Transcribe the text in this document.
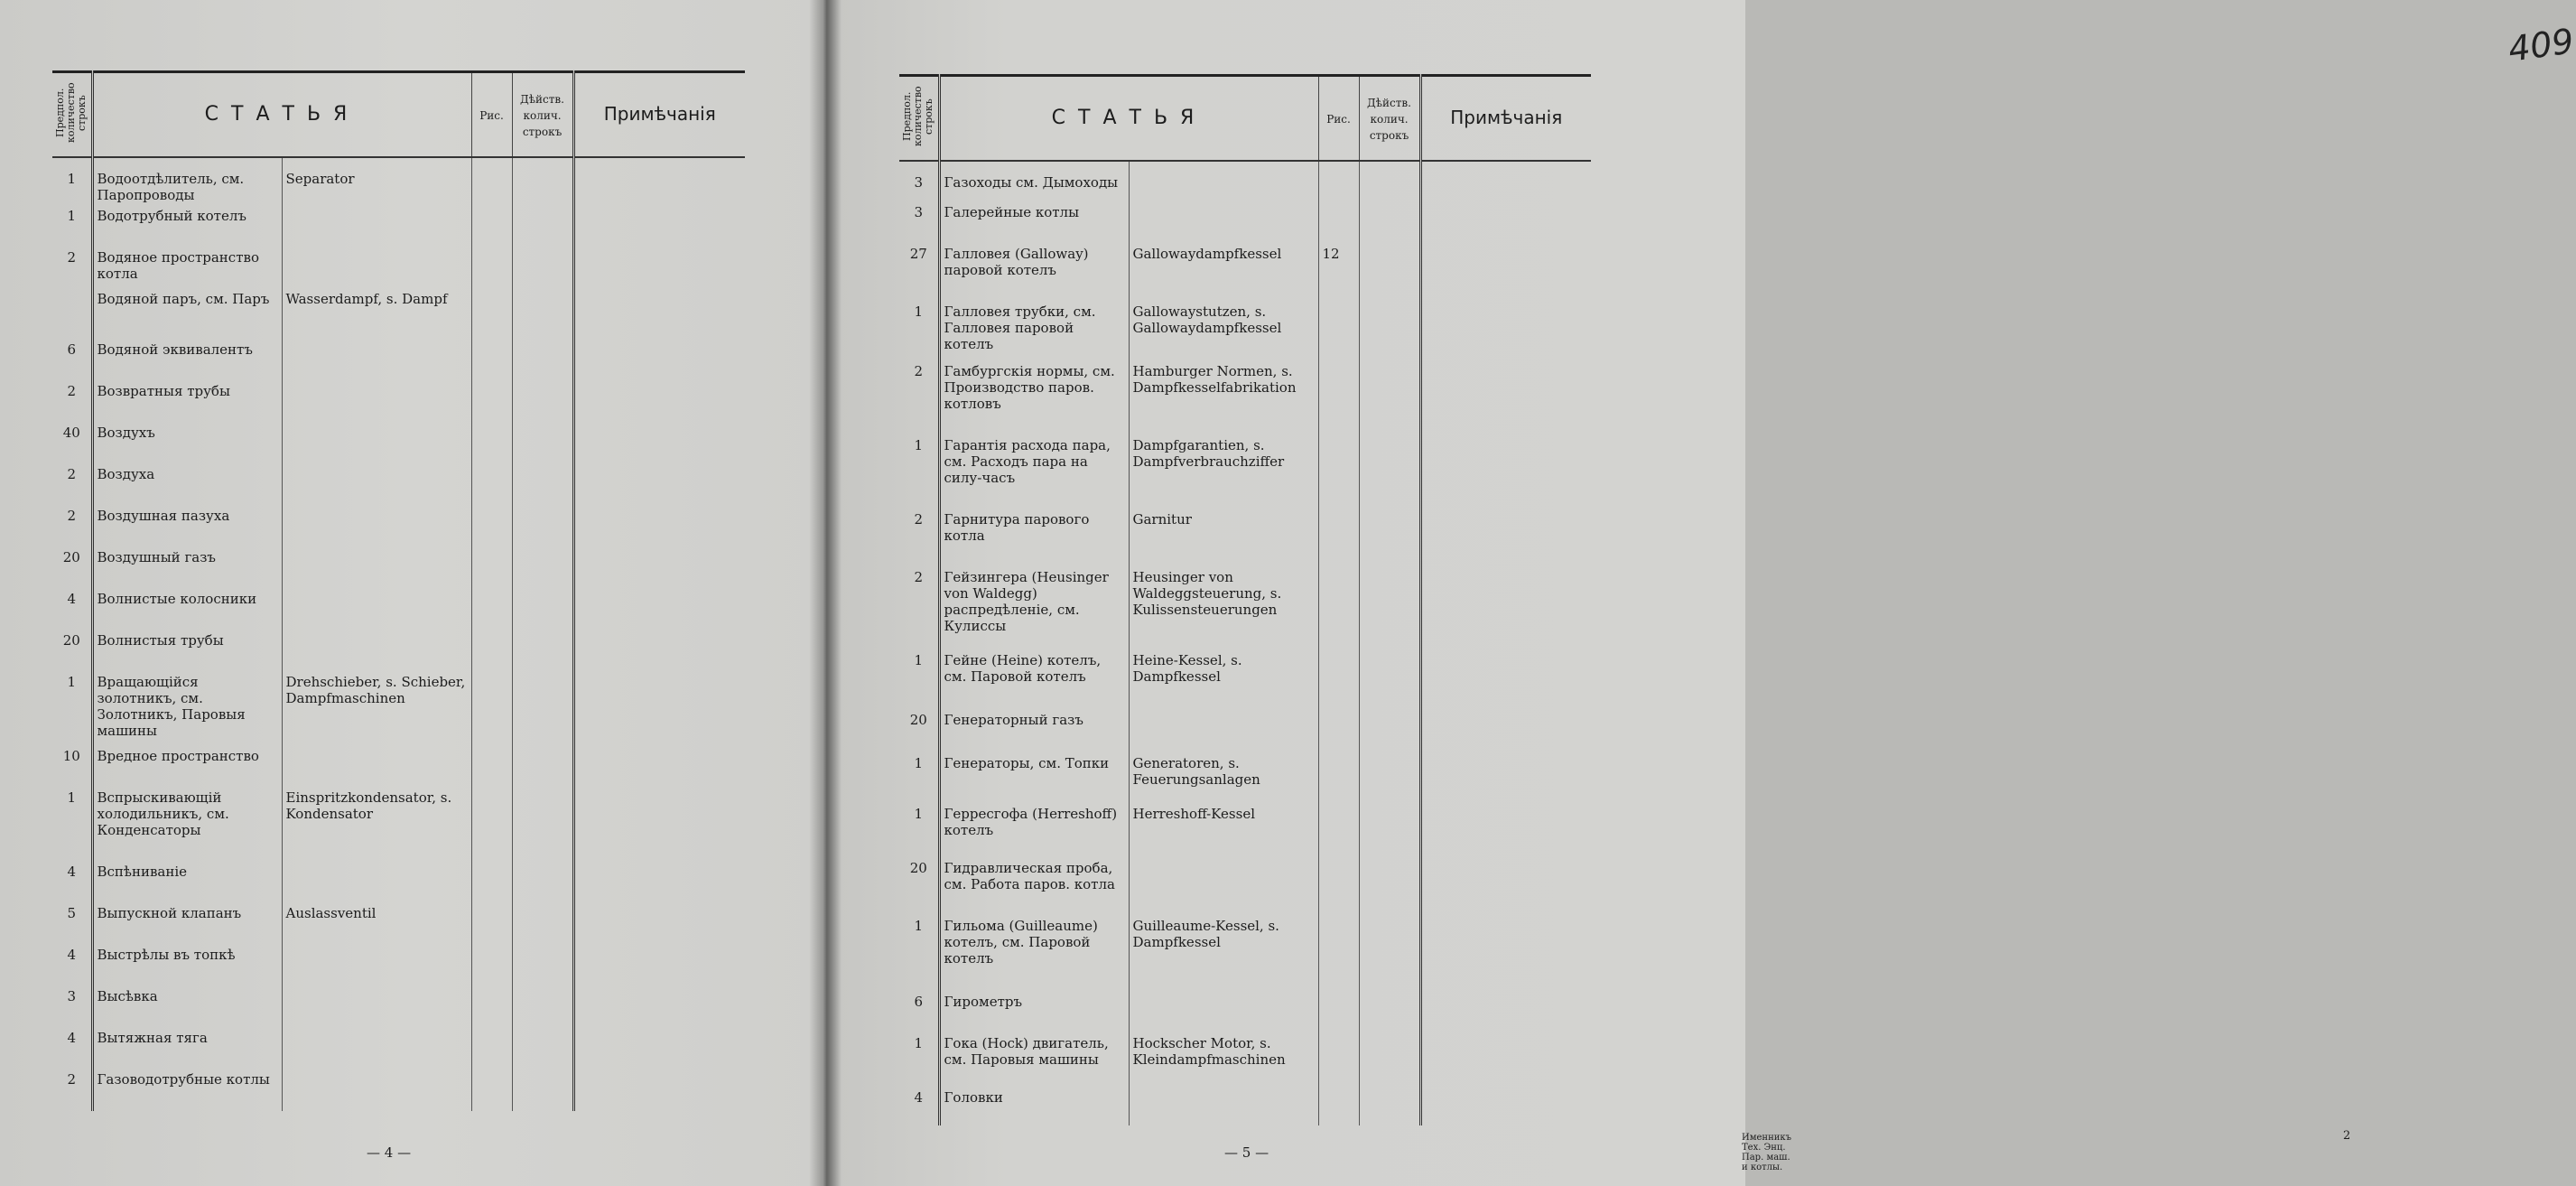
Предпол. количество строкъ	СТАТЬЯ		Рис.	Дѣйств. колич. строкъ	Примѣчанія
1	Водоотдѣлитель, см. Паропроводы	Separator			
1	Водотрубный котелъ				
2	Водяное пространство котла				
	Водяной паръ, см. Паръ	Wasserdampf, s. Dampf			
6	Водяной эквивалентъ				
2	Возвратныя трубы				
40	Воздухъ				
2	Воздуха				
2	Воздушная пазуха				
20	Воздушный газъ				
4	Волнистые колосники				
20	Волнистыя трубы				
1	Вращающійся золотникъ, см. Золотникъ, Паровыя машины	Drehschieber, s. Schieber, Dampfmaschinen			
10	Вредное пространство				
1	Вспрыскивающій холодильникъ, см. Конденсаторы	Einspritzkondensator, s. Kondensator			
4	Вспѣниваніе				
5	Выпускной клапанъ	Auslassventil			
4	Выстрѣлы въ топкѣ				
3	Высѣвка				
4	Вытяжная тяга				
2	Газоводотрубные котлы				
— 4 —
409
Именникъ Тех. Энц. Пар. маш. и котлы.
2
— 5 —
Предпол. количество строкъ	СТАТЬЯ		Рис.	Дѣйств. колич. строкъ	Примѣчанія
3	Газоходы см. Дымоходы				
3	Галерейные котлы				
27	Галловея (Galloway) паровой котелъ	Gallowaydampfkessel	12		
1	Галловея трубки, см. Галловея паровой котелъ	Gallowaystutzen, s. Gallowaydampfkessel			
2	Гамбургскія нормы, см. Производство паров. котловъ	Hamburger Normen, s. Dampfkesselfabrikation			
1	Гарантія расхода пара, см. Расходъ пара на силу-часъ	Dampfgarantien, s. Dampfverbrauchziffer			
2	Гарнитура парового котла	Garnitur			
2	Гейзингера (Heusinger von Waldegg) распредѣленіе, см. Кулиссы	Heusinger von Waldeggsteuerung, s. Kulissensteuerungen			
1	Гейне (Heine) котелъ, см. Паровой котелъ	Heine-Kessel, s. Dampfkessel			
20	Генераторный газъ				
1	Генераторы, см. Топки	Generatoren, s. Feuerungsanlagen			
1	Герресгофа (Herreshoff) котелъ	Herreshoff-Kessel			
20	Гидравлическая проба, см. Работа паров. котла				
1	Гильома (Guilleaume) котелъ, см. Паровой котелъ	Guilleaume-Kessel, s. Dampfkessel			
6	Гирометръ				
1	Гока (Hock) двигатель, см. Паровыя машины	Hockscher Motor, s. Kleindampfmaschinen			
4	Головки				
